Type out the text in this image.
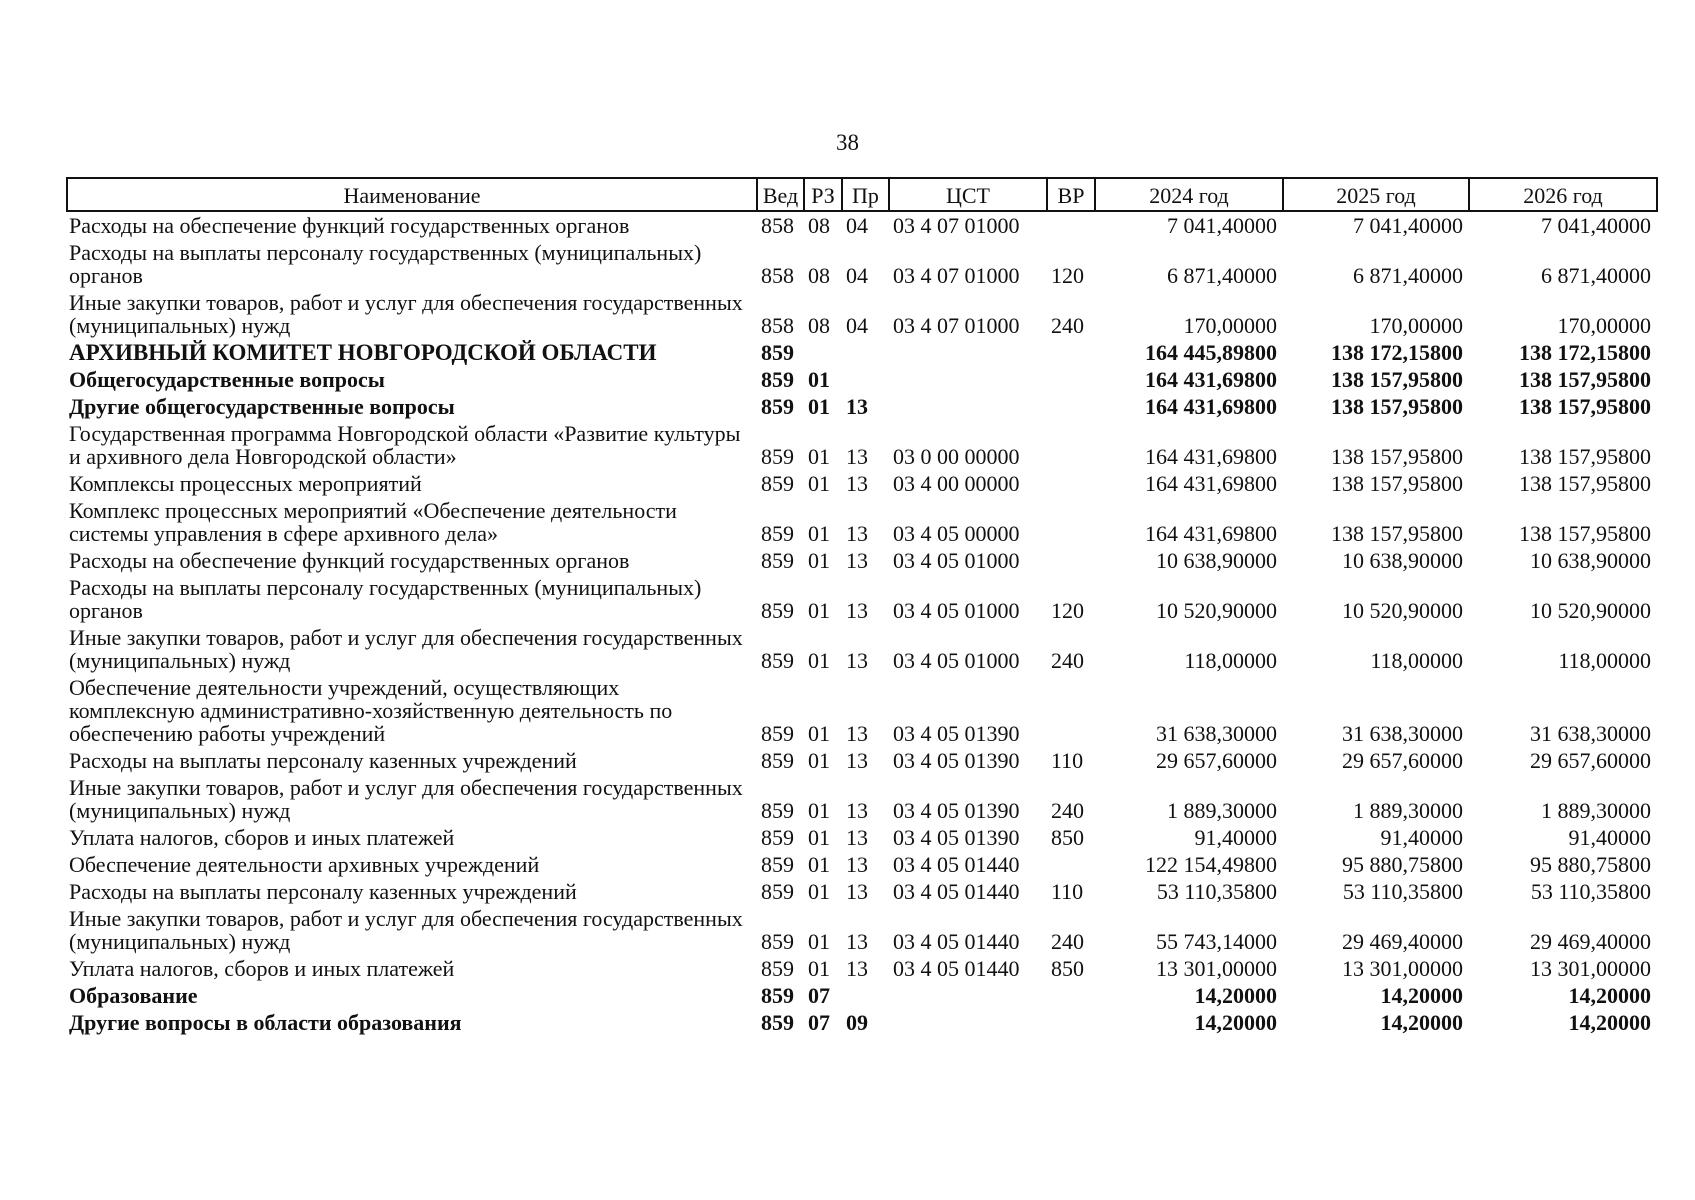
38
Наименование	Вед	РЗ	Пр	ЦСТ	ВР	2024 год	2025 год	2026 год
Расходы на обеспечение функций государственных органов	858	08	04	03 4 07 01000		7 041,40000	7 041,40000	7 041,40000
Расходы на выплаты персоналу государственных (муниципальных) органов	858	08	04	03 4 07 01000	120	6 871,40000	6 871,40000	6 871,40000
Иные закупки товаров, работ и услуг для обеспечения государственных (муниципальных) нужд	858	08	04	03 4 07 01000	240	170,00000	170,00000	170,00000
АРХИВНЫЙ КОМИТЕТ НОВГОРОДСКОЙ ОБЛАСТИ	859					164 445,89800	138 172,15800	138 172,15800
Общегосударственные вопросы	859	01				164 431,69800	138 157,95800	138 157,95800
Другие общегосударственные вопросы	859	01	13			164 431,69800	138 157,95800	138 157,95800
Государственная программа Новгородской области «Развитие культуры и архивного дела Новгородской области»	859	01	13	03 0 00 00000		164 431,69800	138 157,95800	138 157,95800
Комплексы процессных мероприятий	859	01	13	03 4 00 00000		164 431,69800	138 157,95800	138 157,95800
Комплекс процессных мероприятий «Обеспечение деятельности системы управления в сфере архивного дела»	859	01	13	03 4 05 00000		164 431,69800	138 157,95800	138 157,95800
Расходы на обеспечение функций государственных органов	859	01	13	03 4 05 01000		10 638,90000	10 638,90000	10 638,90000
Расходы на выплаты персоналу государственных (муниципальных) органов	859	01	13	03 4 05 01000	120	10 520,90000	10 520,90000	10 520,90000
Иные закупки товаров, работ и услуг для обеспечения государственных (муниципальных) нужд	859	01	13	03 4 05 01000	240	118,00000	118,00000	118,00000
Обеспечение деятельности учреждений, осуществляющих комплексную административно-хозяйственную деятельность по обеспечению работы учреждений	859	01	13	03 4 05 01390		31 638,30000	31 638,30000	31 638,30000
Расходы на выплаты персоналу казенных учреждений	859	01	13	03 4 05 01390	110	29 657,60000	29 657,60000	29 657,60000
Иные закупки товаров, работ и услуг для обеспечения государственных (муниципальных) нужд	859	01	13	03 4 05 01390	240	1 889,30000	1 889,30000	1 889,30000
Уплата налогов, сборов и иных платежей	859	01	13	03 4 05 01390	850	91,40000	91,40000	91,40000
Обеспечение деятельности архивных учреждений	859	01	13	03 4 05 01440		122 154,49800	95 880,75800	95 880,75800
Расходы на выплаты персоналу казенных учреждений	859	01	13	03 4 05 01440	110	53 110,35800	53 110,35800	53 110,35800
Иные закупки товаров, работ и услуг для обеспечения государственных (муниципальных) нужд	859	01	13	03 4 05 01440	240	55 743,14000	29 469,40000	29 469,40000
Уплата налогов, сборов и иных платежей	859	01	13	03 4 05 01440	850	13 301,00000	13 301,00000	13 301,00000
Образование	859	07				14,20000	14,20000	14,20000
Другие вопросы в области образования	859	07	09			14,20000	14,20000	14,20000
